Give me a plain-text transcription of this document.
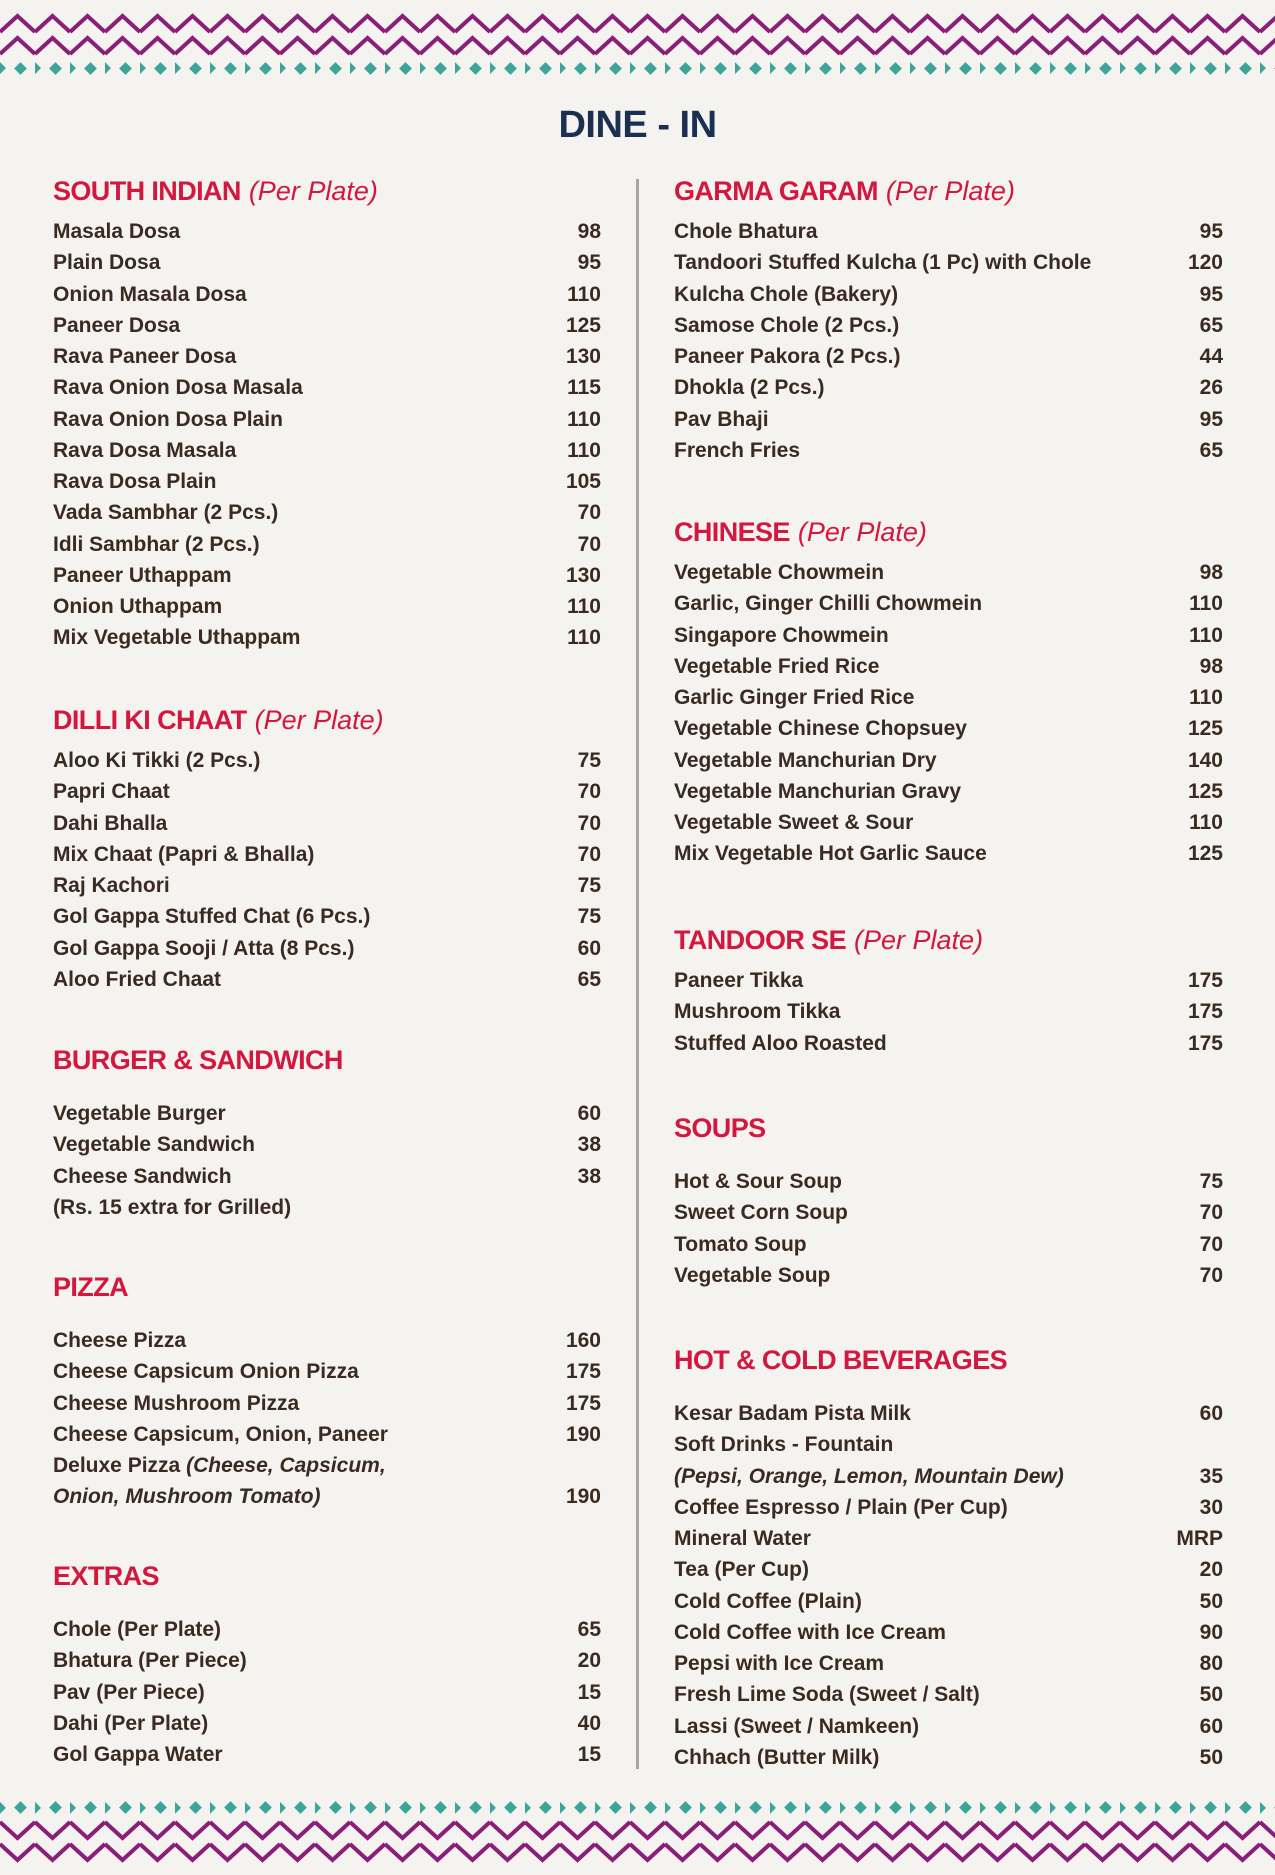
DINE - IN
SOUTH INDIAN (Per Plate)
Masala Dosa	98
Plain Dosa	95
Onion Masala Dosa	110
Paneer Dosa	125
Rava Paneer Dosa	130
Rava Onion Dosa Masala	115
Rava Onion Dosa Plain	110
Rava Dosa Masala	110
Rava Dosa Plain	105
Vada Sambhar (2 Pcs.)	70
Idli Sambhar (2 Pcs.)	70
Paneer Uthappam	130
Onion Uthappam	110
Mix Vegetable Uthappam	110
DILLI KI CHAAT (Per Plate)
Aloo Ki Tikki (2 Pcs.)	75
Papri Chaat	70
Dahi Bhalla	70
Mix Chaat (Papri & Bhalla)	70
Raj Kachori	75
Gol Gappa Stuffed Chat (6 Pcs.)	75
Gol Gappa Sooji / Atta (8 Pcs.)	60
Aloo Fried Chaat	65
BURGER & SANDWICH
Vegetable Burger	60
Vegetable Sandwich	38
Cheese Sandwich	38
(Rs. 15 extra for Grilled)
PIZZA
Cheese Pizza	160
Cheese Capsicum Onion Pizza	175
Cheese Mushroom Pizza	175
Cheese Capsicum, Onion, Paneer	190
Deluxe Pizza (Cheese, Capsicum,
Onion, Mushroom Tomato)	190
EXTRAS
Chole (Per Plate)	65
Bhatura (Per Piece)	20
Pav (Per Piece)	15
Dahi (Per Plate)	40
Gol Gappa Water	15
GARMA GARAM (Per Plate)
Chole Bhatura	95
Tandoori Stuffed Kulcha (1 Pc) with Chole	120
Kulcha Chole (Bakery)	95
Samose Chole (2 Pcs.)	65
Paneer Pakora (2 Pcs.)	44
Dhokla (2 Pcs.)	26
Pav Bhaji	95
French Fries	65
CHINESE (Per Plate)
Vegetable Chowmein	98
Garlic, Ginger Chilli Chowmein	110
Singapore Chowmein	110
Vegetable Fried Rice	98
Garlic Ginger Fried Rice	110
Vegetable Chinese Chopsuey	125
Vegetable Manchurian Dry	140
Vegetable Manchurian Gravy	125
Vegetable Sweet & Sour	110
Mix Vegetable Hot Garlic Sauce	125
TANDOOR SE (Per Plate)
Paneer Tikka	175
Mushroom Tikka	175
Stuffed Aloo Roasted	175
SOUPS
Hot & Sour Soup	75
Sweet Corn Soup	70
Tomato Soup	70
Vegetable Soup	70
HOT & COLD BEVERAGES
Kesar Badam Pista Milk	60
Soft Drinks - Fountain
(Pepsi, Orange, Lemon, Mountain Dew)	35
Coffee Espresso / Plain (Per Cup)	30
Mineral Water	MRP
Tea (Per Cup)	20
Cold Coffee (Plain)	50
Cold Coffee with Ice Cream	90
Pepsi with Ice Cream	80
Fresh Lime Soda (Sweet / Salt)	50
Lassi (Sweet / Namkeen)	60
Chhach (Butter Milk)	50
